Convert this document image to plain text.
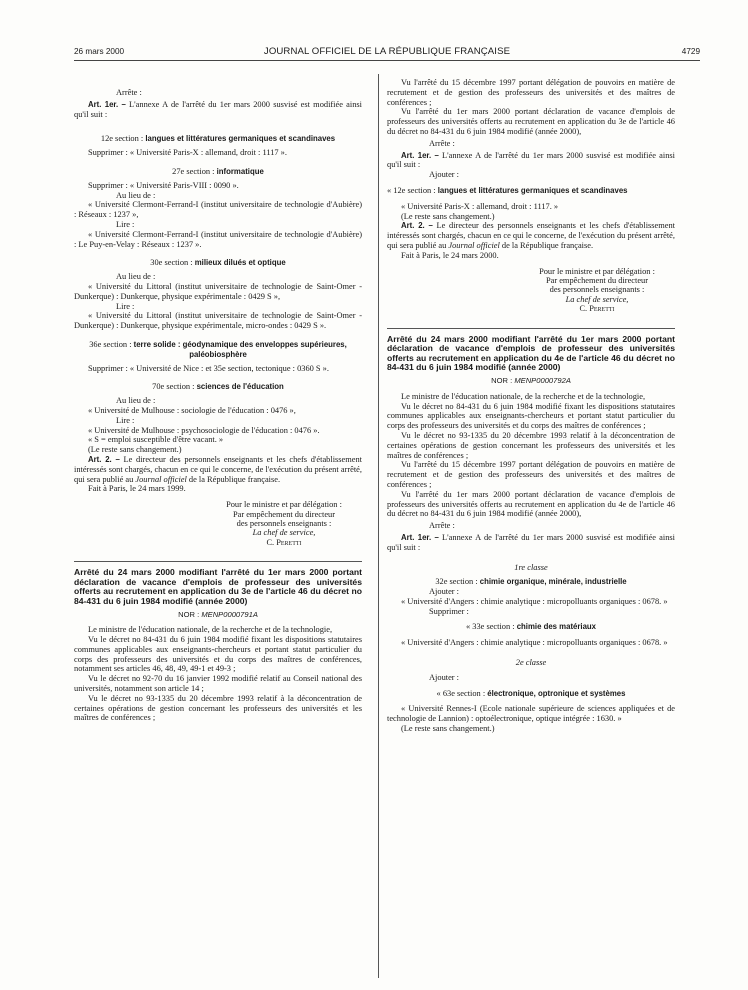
26 mars 2000	JOURNAL OFFICIEL DE LA RÉPUBLIQUE FRANÇAISE	4729

Arrête :

Art. 1er. – L'annexe A de l'arrêté du 1er mars 2000 susvisé est modifiée ainsi qu'il suit :

12e section : langues et littératures germaniques et scandinaves

Supprimer : « Université Paris-X : allemand, droit : 1117 ».

27e section : informatique

Supprimer : « Université Paris-VIII : 0090 ».

Au lieu de :

« Université Clermont-Ferrand-I (institut universitaire de technologie d'Aubière) : Réseaux : 1237 »,

Lire :

« Université Clermont-Ferrand-I (institut universitaire de technologie d'Aubière) : Le Puy-en-Velay : Réseaux : 1237 ».

30e section : milieux dilués et optique

Au lieu de :

« Université du Littoral (institut universitaire de technologie de Saint-Omer - Dunkerque) : Dunkerque, physique expérimentale : 0429 S »,

Lire :

« Université du Littoral (institut universitaire de technologie de Saint-Omer - Dunkerque) : Dunkerque, physique expérimentale, micro-ondes : 0429 S ».

36e section : terre solide : géodynamique des enveloppes supérieures, paléobiosphère

Supprimer : « Université de Nice : et 35e section, tectonique : 0360 S ».

70e section : sciences de l'éducation

Au lieu de :

« Université de Mulhouse : sociologie de l'éducation : 0476 »,

Lire :

« Université de Mulhouse : psychosociologie de l'éducation : 0476 ».

« S = emploi susceptible d'être vacant. »

(Le reste sans changement.)

Art. 2. – Le directeur des personnels enseignants et les chefs d'établissement intéressés sont chargés, chacun en ce qui le concerne, de l'exécution du présent arrêté, qui sera publié au Journal officiel de la République française.

Fait à Paris, le 24 mars 1999.

Pour le ministre et par délégation :
Par empêchement du directeur
des personnels enseignants :
La chef de service,
C. Peretti

Arrêté du 24 mars 2000 modifiant l'arrêté du 1er mars 2000 portant déclaration de vacance d'emplois de professeur des universités offerts au recrutement en application du 3e de l'article 46 du décret no 84-431 du 6 juin 1984 modifié (année 2000)

NOR : MENP0000791A

Le ministre de l'éducation nationale, de la recherche et de la technologie,

Vu le décret no 84-431 du 6 juin 1984 modifié fixant les dispositions statutaires communes applicables aux enseignants-chercheurs et portant statut particulier du corps des professeurs des universités et du corps des maîtres de conférences, notamment ses articles 46, 48, 49, 49-1 et 49-3 ;

Vu le décret no 92-70 du 16 janvier 1992 modifié relatif au Conseil national des universités, notamment son article 14 ;

Vu le décret no 93-1335 du 20 décembre 1993 relatif à la déconcentration de certaines opérations de gestion concernant les professeurs des universités et les maîtres de conférences ;

Vu l'arrêté du 15 décembre 1997 portant délégation de pouvoirs en matière de recrutement et de gestion des professeurs des universités et des maîtres de conférences ;

Vu l'arrêté du 1er mars 2000 portant déclaration de vacance d'emplois de professeurs des universités offerts au recrutement en application du 3e de l'article 46 du décret no 84-431 du 6 juin 1984 modifié (année 2000),

Arrête :

Art. 1er. – L'annexe A de l'arrêté du 1er mars 2000 susvisé est modifiée ainsi qu'il suit :

Ajouter :

« 12e section : langues et littératures germaniques et scandinaves

« Université Paris-X : allemand, droit : 1117. »

(Le reste sans changement.)

Art. 2. – Le directeur des personnels enseignants et les chefs d'établissement intéressés sont chargés, chacun en ce qui le concerne, de l'exécution du présent arrêté, qui sera publié au Journal officiel de la République française.

Fait à Paris, le 24 mars 2000.

Pour le ministre et par délégation :
Par empêchement du directeur
des personnels enseignants :
La chef de service,
C. Peretti

Arrêté du 24 mars 2000 modifiant l'arrêté du 1er mars 2000 portant déclaration de vacance d'emplois de professeur des universités offerts au recrutement en application du 4e de l'article 46 du décret no 84-431 du 6 juin 1984 modifié (année 2000)

NOR : MENP0000792A

Le ministre de l'éducation nationale, de la recherche et de la technologie,

Vu le décret no 84-431 du 6 juin 1984 modifié fixant les dispositions statutaires communes applicables aux enseignants-chercheurs et portant statut particulier du corps des professeurs des universités et du corps des maîtres de conférences ;

Vu le décret no 93-1335 du 20 décembre 1993 relatif à la déconcentration de certaines opérations de gestion concernant les professeurs des universités et les maîtres de conférences ;

Vu l'arrêté du 15 décembre 1997 portant délégation de pouvoirs en matière de recrutement et de gestion des professeurs des universités et des maîtres de conférences ;

Vu l'arrêté du 1er mars 2000 portant déclaration de vacance d'emplois de professeurs des universités offerts au recrutement en application du 4e de l'article 46 du décret no 84-431 du 6 juin 1984 modifié (année 2000),

Arrête :

Art. 1er. – L'annexe A de l'arrêté du 1er mars 2000 susvisé est modifiée ainsi qu'il suit :

1re classe

32e section : chimie organique, minérale, industrielle

Ajouter :

« Université d'Angers : chimie analytique : micropolluants organiques : 0678. »

Supprimer :

« 33e section : chimie des matériaux

« Université d'Angers : chimie analytique : micropolluants organiques : 0678. »

2e classe

Ajouter :

« 63e section : électronique, optronique et systèmes

« Université Rennes-I (Ecole nationale supérieure de sciences appliquées et de technologie de Lannion) : optoélectronique, optique intégrée : 1630. »

(Le reste sans changement.)
